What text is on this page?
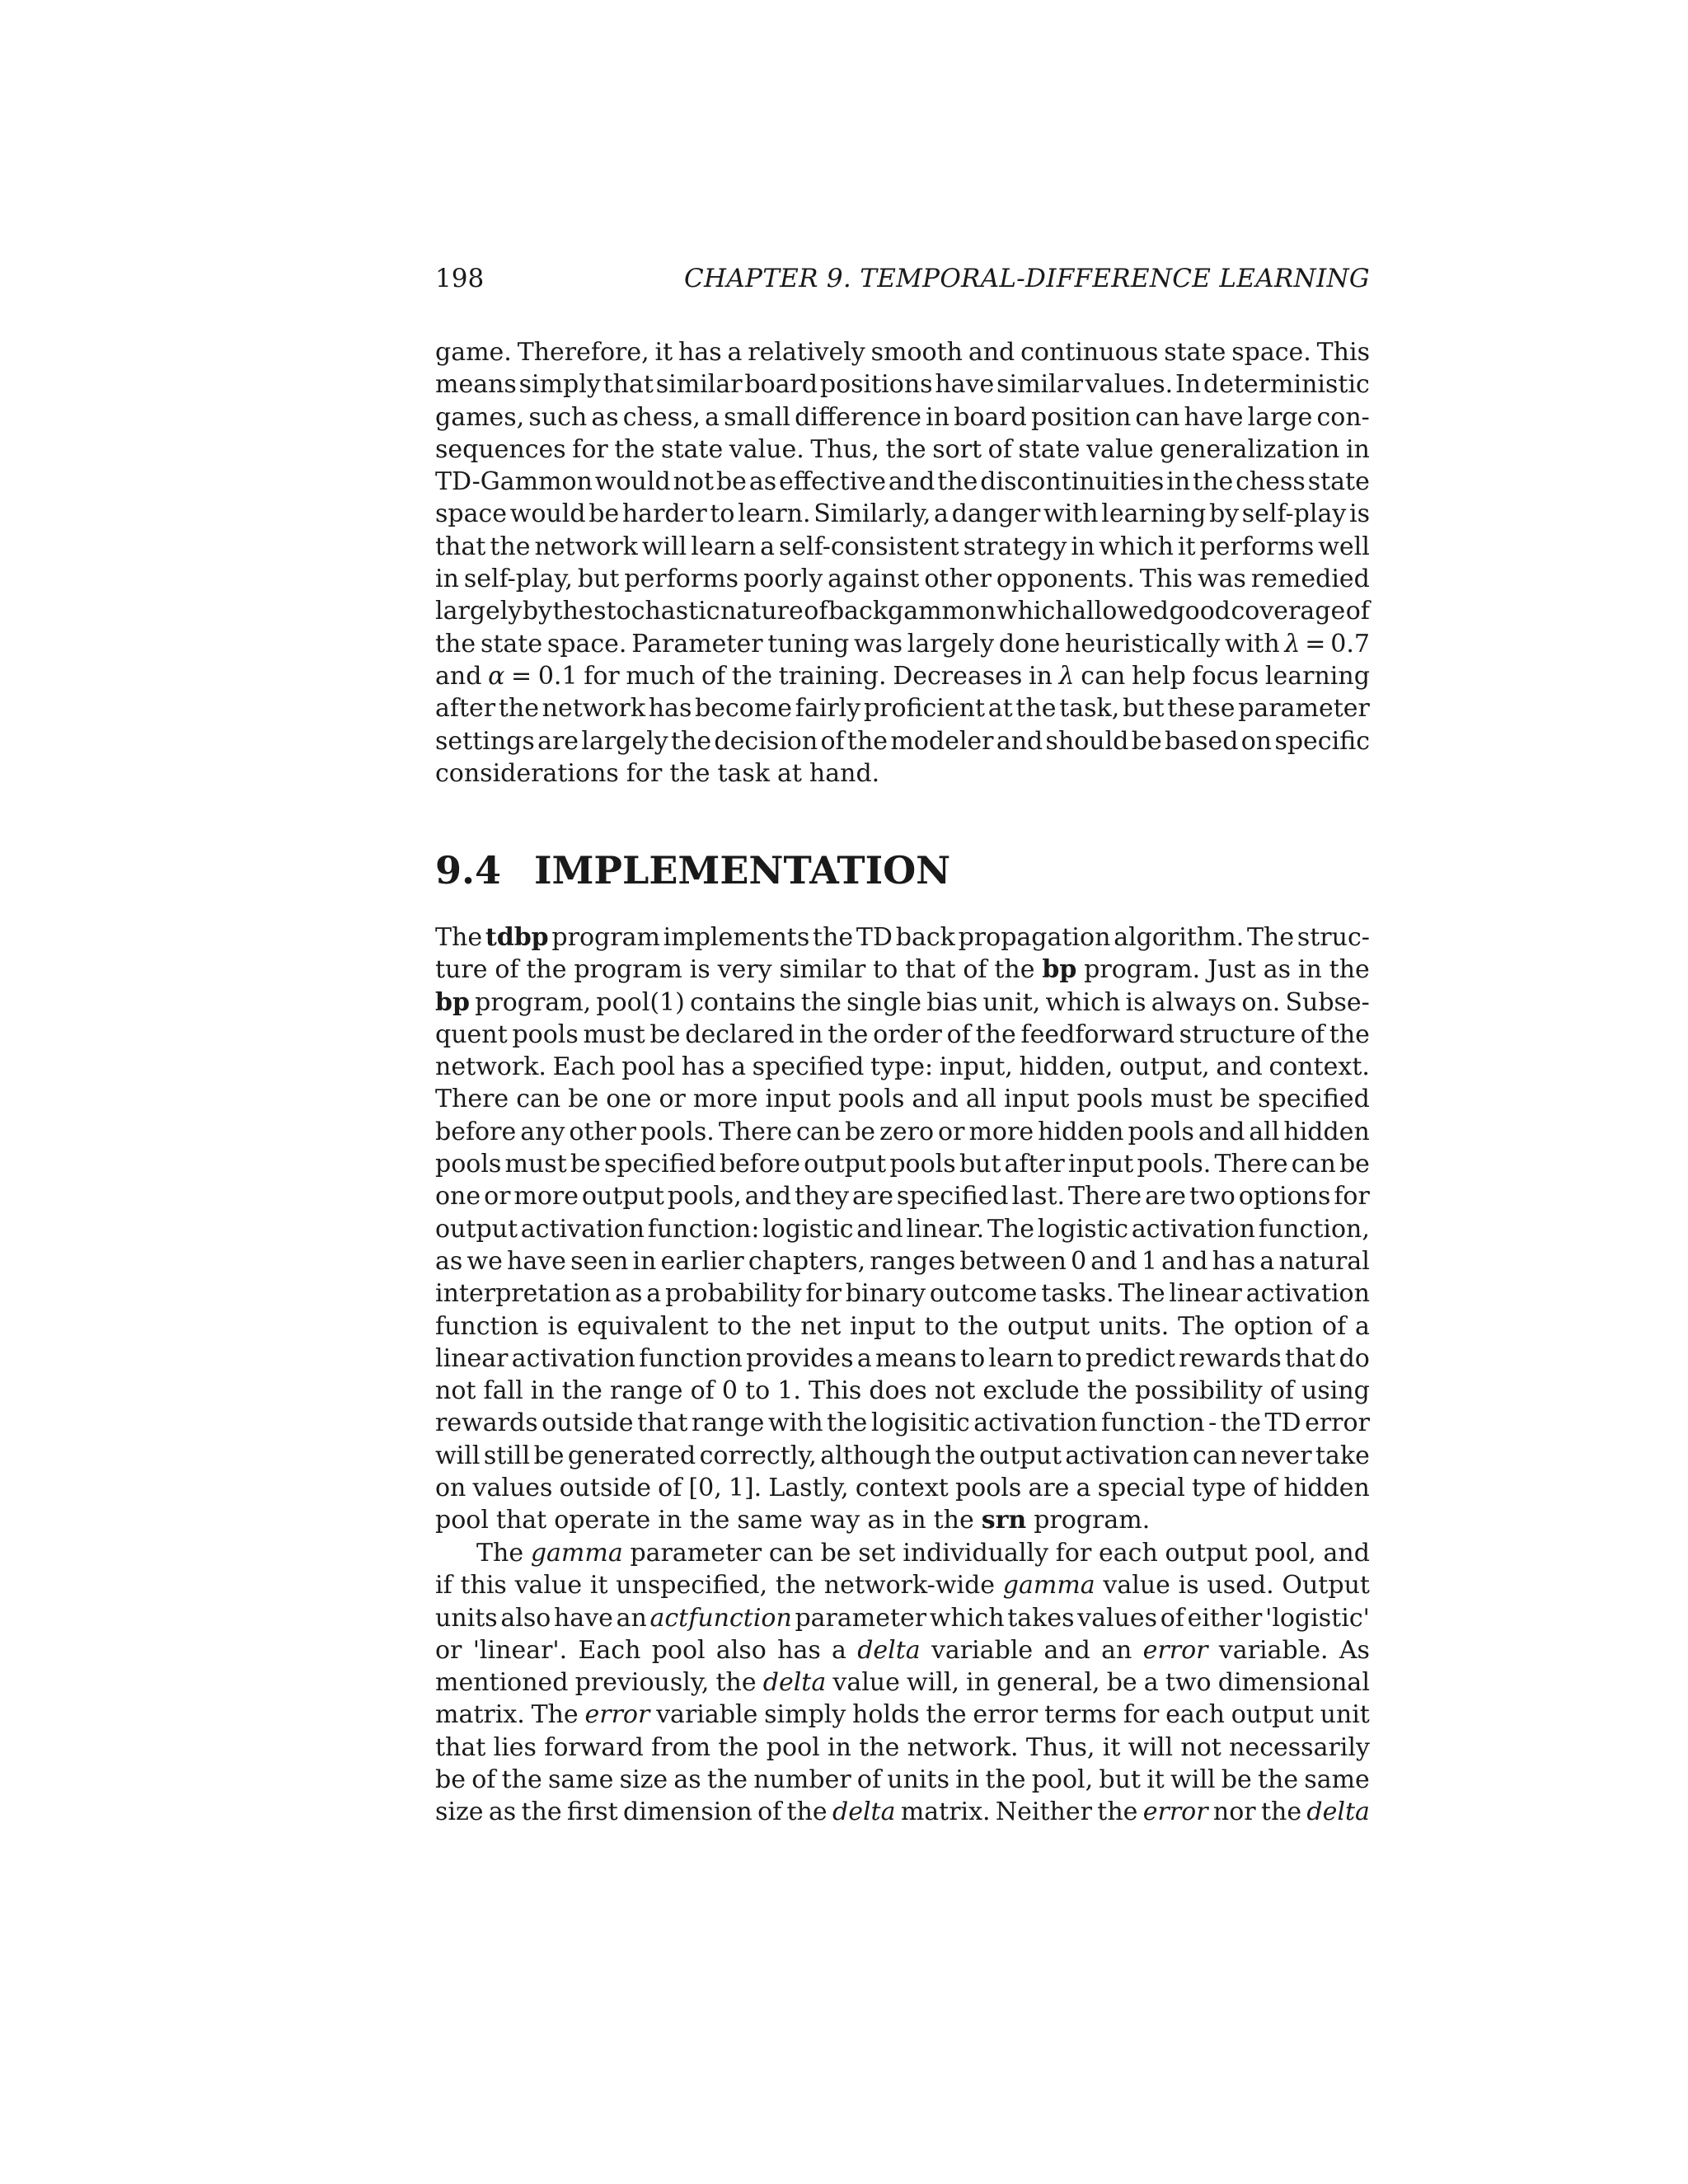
198	CHAPTER 9. TEMPORAL-DIFFERENCE LEARNING
game. Therefore, it has a relatively smooth and continuous state space. This
means simply that similar board positions have similar values. In deterministic
games, such as chess, a small difference in board position can have large con-
sequences for the state value. Thus, the sort of state value generalization in
TD-Gammon would not be as effective and the discontinuities in the chess state
space would be harder to learn. Similarly, a danger with learning by self-play is
that the network will learn a self-consistent strategy in which it performs well
in self-play, but performs poorly against other opponents. This was remedied
largely by the stochastic nature of backgammon which allowed good coverage of
the state space. Parameter tuning was largely done heuristically with λ = 0.7
and α = 0.1 for much of the training. Decreases in λ can help focus learning
after the network has become fairly proficient at the task, but these parameter
settings are largely the decision of the modeler and should be based on specific
considerations for the task at hand.
9.4 IMPLEMENTATION
The tdbp program implements the TD back propagation algorithm. The struc-
ture of the program is very similar to that of the bp program. Just as in the
bp program, pool(1) contains the single bias unit, which is always on. Subse-
quent pools must be declared in the order of the feedforward structure of the
network. Each pool has a specified type: input, hidden, output, and context.
There can be one or more input pools and all input pools must be specified
before any other pools. There can be zero or more hidden pools and all hidden
pools must be specified before output pools but after input pools. There can be
one or more output pools, and they are specified last. There are two options for
output activation function: logistic and linear. The logistic activation function,
as we have seen in earlier chapters, ranges between 0 and 1 and has a natural
interpretation as a probability for binary outcome tasks. The linear activation
function is equivalent to the net input to the output units. The option of a
linear activation function provides a means to learn to predict rewards that do
not fall in the range of 0 to 1. This does not exclude the possibility of using
rewards outside that range with the logisitic activation function - the TD error
will still be generated correctly, although the output activation can never take
on values outside of [0, 1]. Lastly, context pools are a special type of hidden
pool that operate in the same way as in the srn program.
The gamma parameter can be set individually for each output pool, and
if this value it unspecified, the network-wide gamma value is used. Output
units also have an actfunction parameter which takes values of either 'logistic'
or 'linear'. Each pool also has a delta variable and an error variable. As
mentioned previously, the delta value will, in general, be a two dimensional
matrix. The error variable simply holds the error terms for each output unit
that lies forward from the pool in the network. Thus, it will not necessarily
be of the same size as the number of units in the pool, but it will be the same
size as the first dimension of the delta matrix. Neither the error nor the delta
